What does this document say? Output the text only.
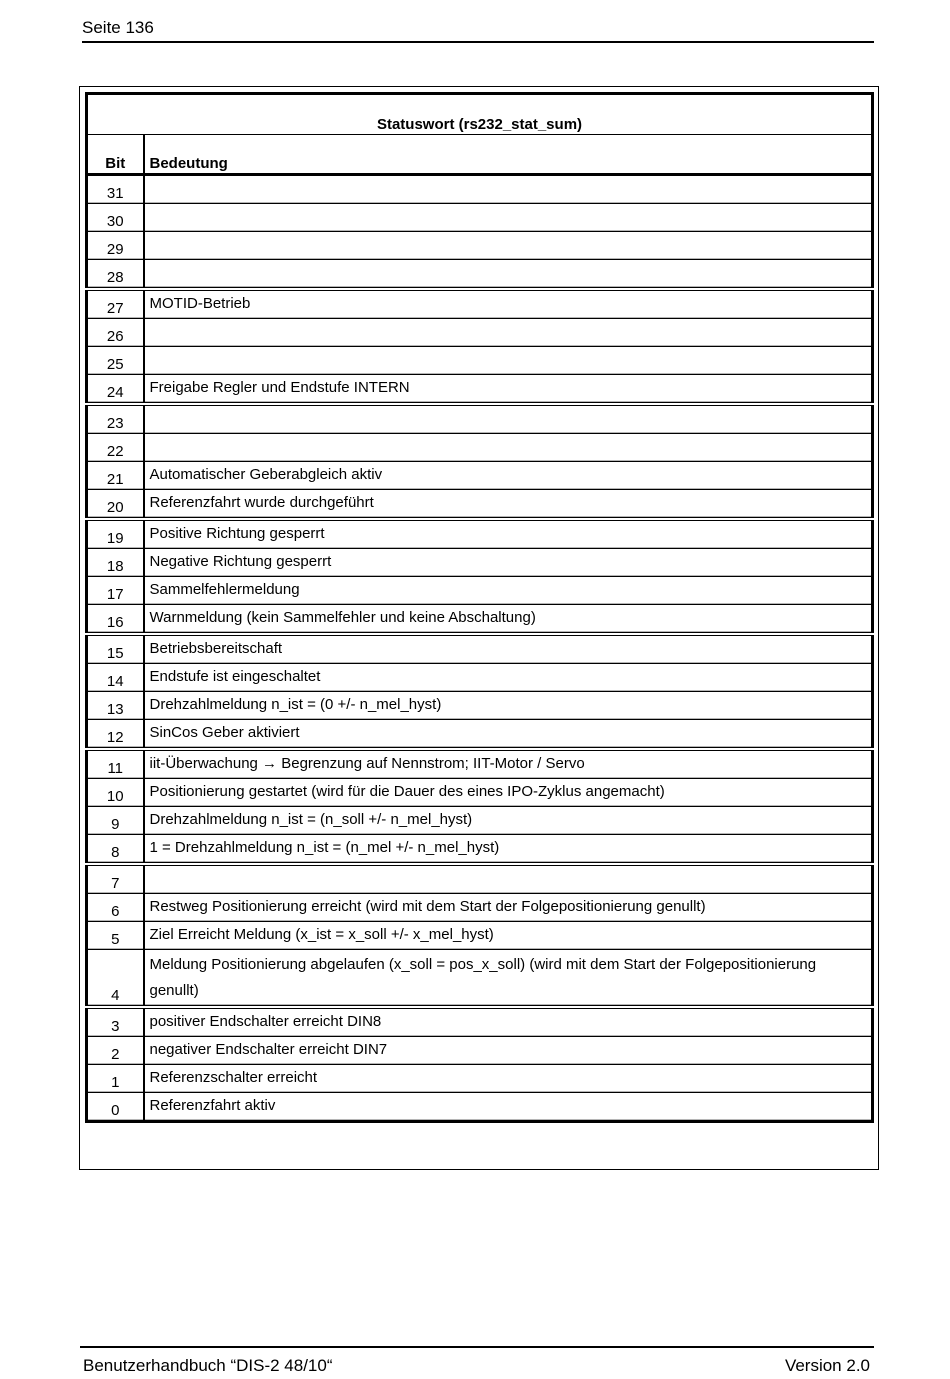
Seite 136
Statuswort (rs232_stat_sum)	
Bit	Bedeutung
31	
30	
29	
28	
27	MOTID-Betrieb
26	
25	
24	Freigabe Regler und Endstufe INTERN
23	
22	
21	Automatischer Geberabgleich aktiv
20	Referenzfahrt wurde durchgeführt
19	Positive Richtung gesperrt
18	Negative Richtung gesperrt
17	Sammelfehlermeldung
16	Warnmeldung (kein Sammelfehler und keine Abschaltung)
15	Betriebsbereitschaft
14	Endstufe ist eingeschaltet
13	Drehzahlmeldung n_ist = (0 +/- n_mel_hyst)
12	SinCos Geber aktiviert
11	iit-Überwachung → Begrenzung auf Nennstrom; IIT-Motor / Servo
10	Positionierung gestartet (wird für die Dauer des eines IPO-Zyklus angemacht)
9	Drehzahlmeldung n_ist = (n_soll +/- n_mel_hyst)
8	1 = Drehzahlmeldung n_ist = (n_mel +/- n_mel_hyst)
7	
6	Restweg Positionierung erreicht (wird mit dem Start der Folgepositionierung genullt)
5	Ziel Erreicht Meldung (x_ist = x_soll +/- x_mel_hyst)
4	Meldung Positionierung abgelaufen (x_soll = pos_x_soll) (wird mit dem Start der Folgepositionierung genullt)
3	positiver Endschalter erreicht DIN8
2	negativer Endschalter erreicht DIN7
1	Referenzschalter erreicht
0	Referenzfahrt aktiv
Benutzerhandbuch “DIS-2 48/10“	Version 2.0
